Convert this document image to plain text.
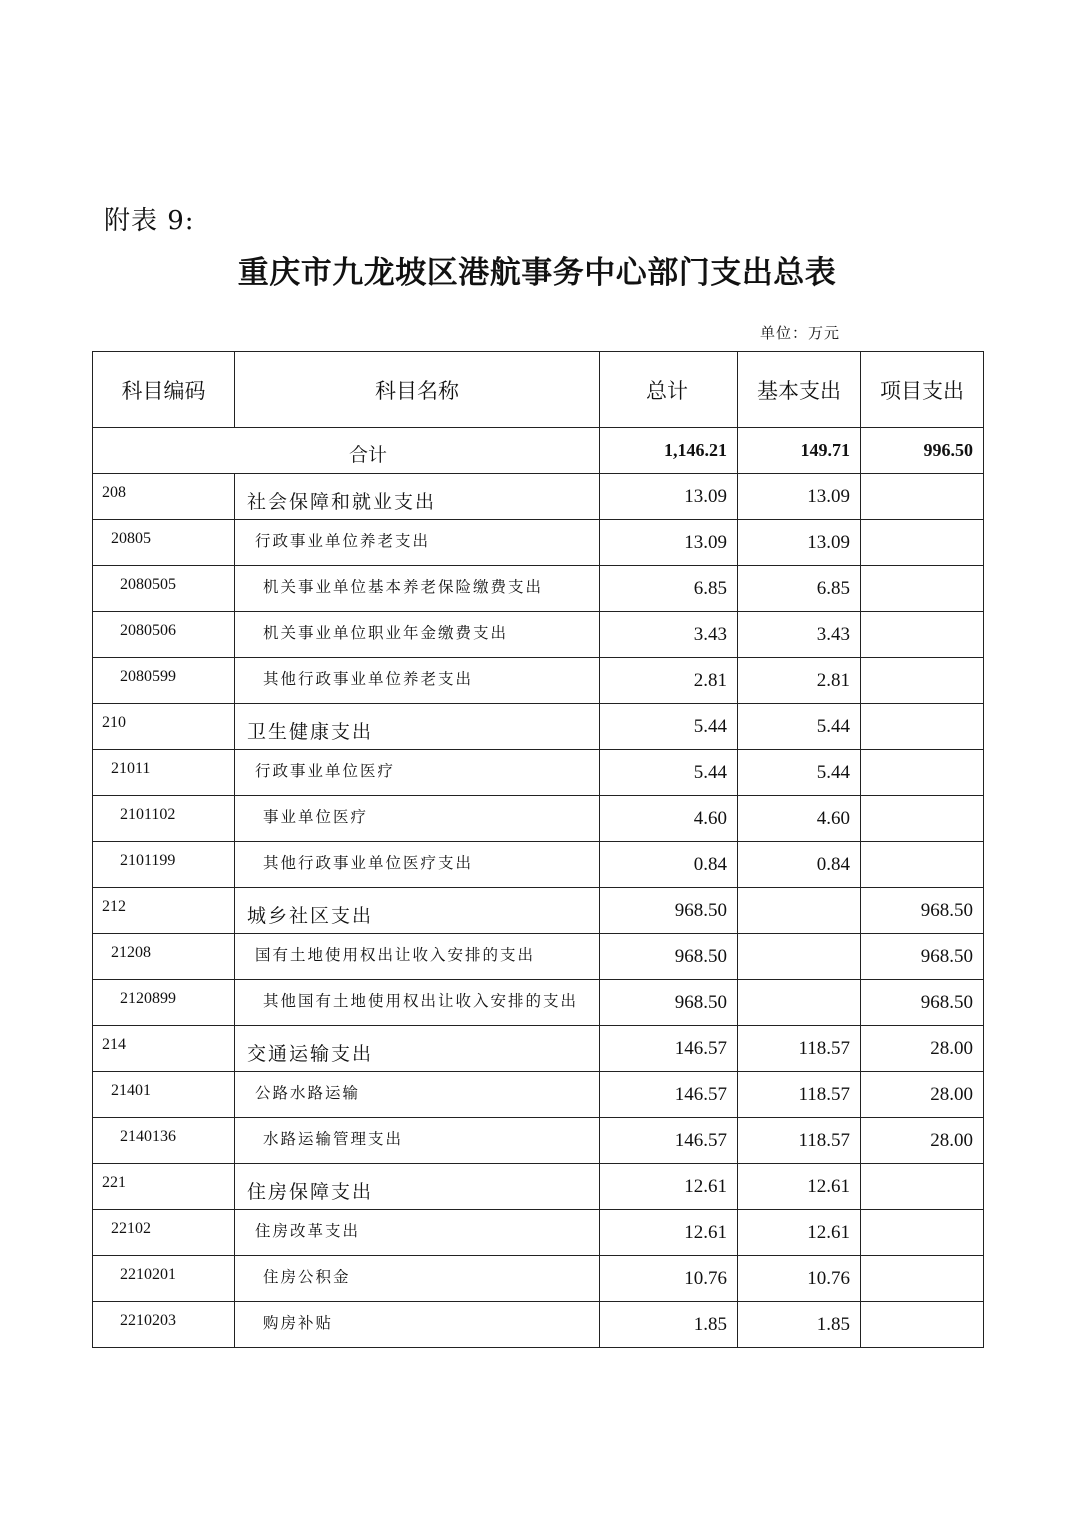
附表 9:
重庆市九龙坡区港航事务中心部门支出总表
单位：万元
科目编码	科目名称	总计	基本支出	项目支出
合计		1,146.21	149.71	996.50
208	社会保障和就业支出	13.09	13.09	
20805	行政事业单位养老支出	13.09	13.09	
2080505	机关事业单位基本养老保险缴费支出	6.85	6.85	
2080506	机关事业单位职业年金缴费支出	3.43	3.43	
2080599	其他行政事业单位养老支出	2.81	2.81	
210	卫生健康支出	5.44	5.44	
21011	行政事业单位医疗	5.44	5.44	
2101102	事业单位医疗	4.60	4.60	
2101199	其他行政事业单位医疗支出	0.84	0.84	
212	城乡社区支出	968.50		968.50
21208	国有土地使用权出让收入安排的支出	968.50		968.50
2120899	其他国有土地使用权出让收入安排的支出	968.50		968.50
214	交通运输支出	146.57	118.57	28.00
21401	公路水路运输	146.57	118.57	28.00
2140136	水路运输管理支出	146.57	118.57	28.00
221	住房保障支出	12.61	12.61	
22102	住房改革支出	12.61	12.61	
2210201	住房公积金	10.76	10.76	
2210203	购房补贴	1.85	1.85	
